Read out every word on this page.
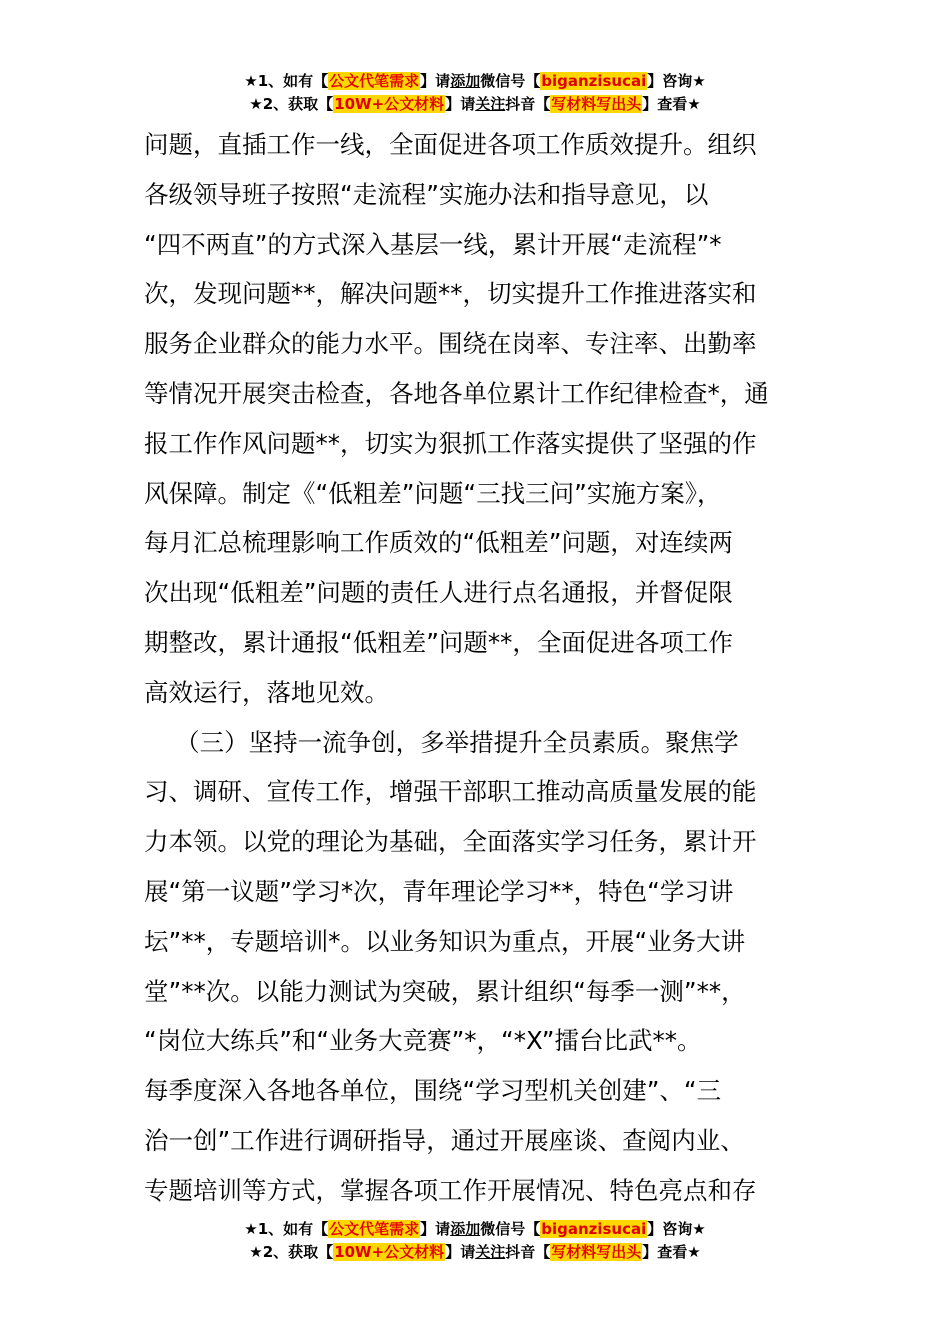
★1、如有【公文代笔需求】请添加微信号【biganzisucai】咨询★
★2、获取【10W+公文材料】请关注抖音【写材料写出头】查看★
问题，直插工作一线，全面促进各项工作质效提升。组织
各级领导班子按照“走流程”实施办法和指导意见，以
“四不两直”的方式深入基层一线，累计开展“走流程”*
次，发现问题**，解决问题**，切实提升工作推进落实和
服务企业群众的能力水平。围绕在岗率、专注率、出勤率
等情况开展突击检查，各地各单位累计工作纪律检查*，通
报工作作风问题**，切实为狠抓工作落实提供了坚强的作
风保障。制定《“低粗差”问题“三找三问”实施方案》，
每月汇总梳理影响工作质效的“低粗差”问题，对连续两
次出现“低粗差”问题的责任人进行点名通报，并督促限
期整改，累计通报“低粗差”问题**，全面促进各项工作
高效运行，落地见效。
（三）坚持一流争创，多举措提升全员素质。聚焦学
习、调研、宣传工作，增强干部职工推动高质量发展的能
力本领。以党的理论为基础，全面落实学习任务，累计开
展“第一议题”学习*次，青年理论学习**，特色“学习讲
坛”**，专题培训*。以业务知识为重点，开展“业务大讲
堂”**次。以能力测试为突破，累计组织“每季一测”**，
“岗位大练兵”和“业务大竞赛”*，“*X”擂台比武**。
每季度深入各地各单位，围绕“学习型机关创建”、“三
治一创”工作进行调研指导，通过开展座谈、查阅内业、
专题培训等方式，掌握各项工作开展情况、特色亮点和存
★1、如有【公文代笔需求】请添加微信号【biganzisucai】咨询★
★2、获取【10W+公文材料】请关注抖音【写材料写出头】查看★
